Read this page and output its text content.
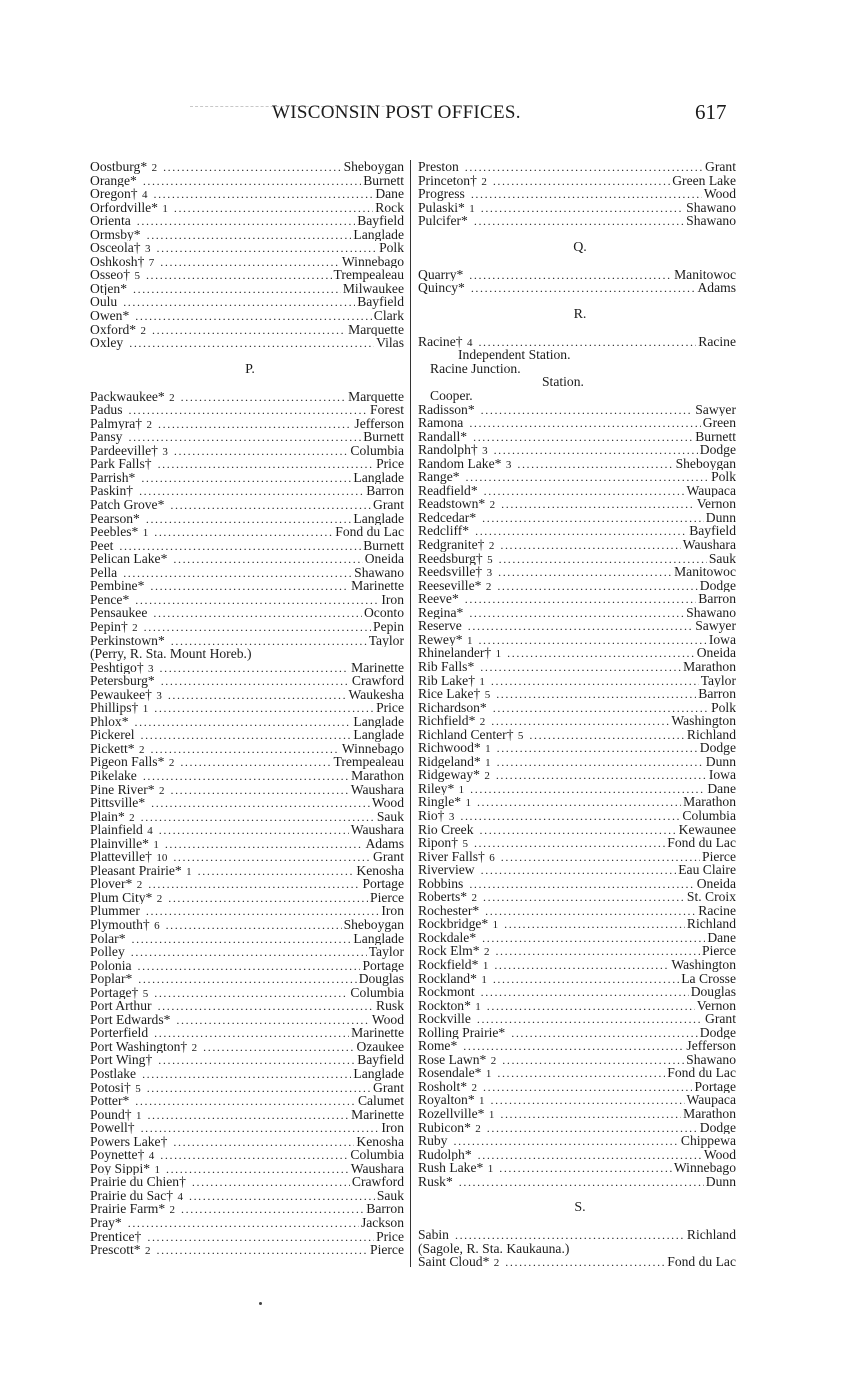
WISCONSIN POST OFFICES.	617
Oostburg* 2 .....	Sheboygan
Orange* .....	Burnett
Oregon† 4 .....	Dane
Orfordville* 1 .....	Rock
Orienta .....	Bayfield
Ormsby* .....	Langlade
Osceola† 3 .....	Polk
Oshkosh† 7 .....	Winnebago
Osseo† 5 .....	Trempealeau
Otjen* .....	Milwaukee
Oulu .....	Bayfield
Owen* .....	Clark
Oxford* 2 .....	Marquette
Oxley .....	Vilas
P.
Packwaukee* 2 .....	Marquette
Padus .....	Forest
Palmyra† 2 .....	Jefferson
Pansy .....	Burnett
Pardeeville† 3 .....	Columbia
Park Falls† .....	Price
Parrish* .....	Langlade
Paskin† .....	Barron
Patch Grove* .....	Grant
Pearson* .....	Langlade
Peebles* 1 .....	Fond du Lac
Peet .....	Burnett
Pelican Lake* .....	Oneida
Pella .....	Shawano
Pembine* .....	Marinette
Pence* .....	Iron
Pensaukee .....	Oconto
Pepin† 2 .....	Pepin
Perkinstown* .....	Taylor
(Perry, R. Sta. Mount Horeb.)
Peshtigo† 3 .....	Marinette
Petersburg* .....	Crawford
Pewaukee† 3 .....	Waukesha
Phillips† 1 .....	Price
Phlox* .....	Langlade
Pickerel .....	Langlade
Pickett* 2 .....	Winnebago
Pigeon Falls* 2 .....	Trempealeau
Pikelake .....	Marathon
Pine River* 2 .....	Waushara
Pittsville* .....	Wood
Plain* 2 .....	Sauk
Plainfield 4 .....	Waushara
Plainville* 1 .....	Adams
Platteville† 10 .....	Grant
Pleasant Prairie* 1 .....	Kenosha
Plover* 2 .....	Portage
Plum City* 2 .....	Pierce
Plummer .....	Iron
Plymouth† 6 .....	Sheboygan
Polar* .....	Langlade
Polley .....	Taylor
Polonia .....	Portage
Poplar* .....	Douglas
Portage† 5 .....	Columbia
Port Arthur .....	Rusk
Port Edwards* .....	Wood
Porterfield .....	Marinette
Port Washington† 2 .....	Ozaukee
Port Wing† .....	Bayfield
Postlake .....	Langlade
Potosi† 5 .....	Grant
Potter* .....	Calumet
Pound† 1 .....	Marinette
Powell† .....	Iron
Powers Lake† .....	Kenosha
Poynette† 4 .....	Columbia
Poy Sippi* 1 .....	Waushara
Prairie du Chien† .....	Crawford
Prairie du Sac† 4 .....	Sauk
Prairie Farm* 2 .....	Barron
Pray* .....	Jackson
Prentice† .....	Price
Prescott* 2 .....	Pierce
Preston .....	Grant
Princeton† 2 .....	Green Lake
Progress .....	Wood
Pulaski* 1 .....	Shawano
Pulcifer* .....	Shawano
Q.
Quarry* .....	Manitowoc
Quincy* .....	Adams
R.
Racine† 4 .....	Racine
Independent Station.
Racine Junction.
Station.
Cooper.
Radisson* .....	Sawyer
Ramona .....	Green
Randall* .....	Burnett
Randolph† 3 .....	Dodge
Random Lake* 3 .....	Sheboygan
Range* .....	Polk
Readfield* .....	Waupaca
Readstown* 2 .....	Vernon
Redcedar* .....	Dunn
Redcliff* .....	Bayfield
Redgranite† 2 .....	Waushara
Reedsburg† 5 .....	Sauk
Reedsville† 3 .....	Manitowoc
Reeseville* 2 .....	Dodge
Reeve* .....	Barron
Regina* .....	Shawano
Reserve .....	Sawyer
Rewey* 1 .....	Iowa
Rhinelander† 1 .....	Oneida
Rib Falls* .....	Marathon
Rib Lake† 1 .....	Taylor
Rice Lake† 5 .....	Barron
Richardson* .....	Polk
Richfield* 2 .....	Washington
Richland Center† 5 .....	Richland
Richwood* 1 .....	Dodge
Ridgeland* 1 .....	Dunn
Ridgeway* 2 .....	Iowa
Riley* 1 .....	Dane
Ringle* 1 .....	Marathon
Rio† 3 .....	Columbia
Rio Creek .....	Kewaunee
Ripon† 5 .....	Fond du Lac
River Falls† 6 .....	Pierce
Riverview .....	Eau Claire
Robbins .....	Oneida
Roberts* 2 .....	St. Croix
Rochester* .....	Racine
Rockbridge* 1 .....	Richland
Rockdale* .....	Dane
Rock Elm* 2 .....	Pierce
Rockfield* 1 .....	Washington
Rockland* 1 .....	La Crosse
Rockmont .....	Douglas
Rockton* 1 .....	Vernon
Rockville .....	Grant
Rolling Prairie* .....	Dodge
Rome* .....	Jefferson
Rose Lawn* 2 .....	Shawano
Rosendale* 1 .....	Fond du Lac
Rosholt* 2 .....	Portage
Royalton* 1 .....	Waupaca
Rozellville* 1 .....	Marathon
Rubicon* 2 .....	Dodge
Ruby .....	Chippewa
Rudolph* .....	Wood
Rush Lake* 1 .....	Winnebago
Rusk* .....	Dunn
S.
Sabin .....	Richland
(Sagole, R. Sta. Kaukauna.)
Saint Cloud* 2 .....	Fond du Lac
